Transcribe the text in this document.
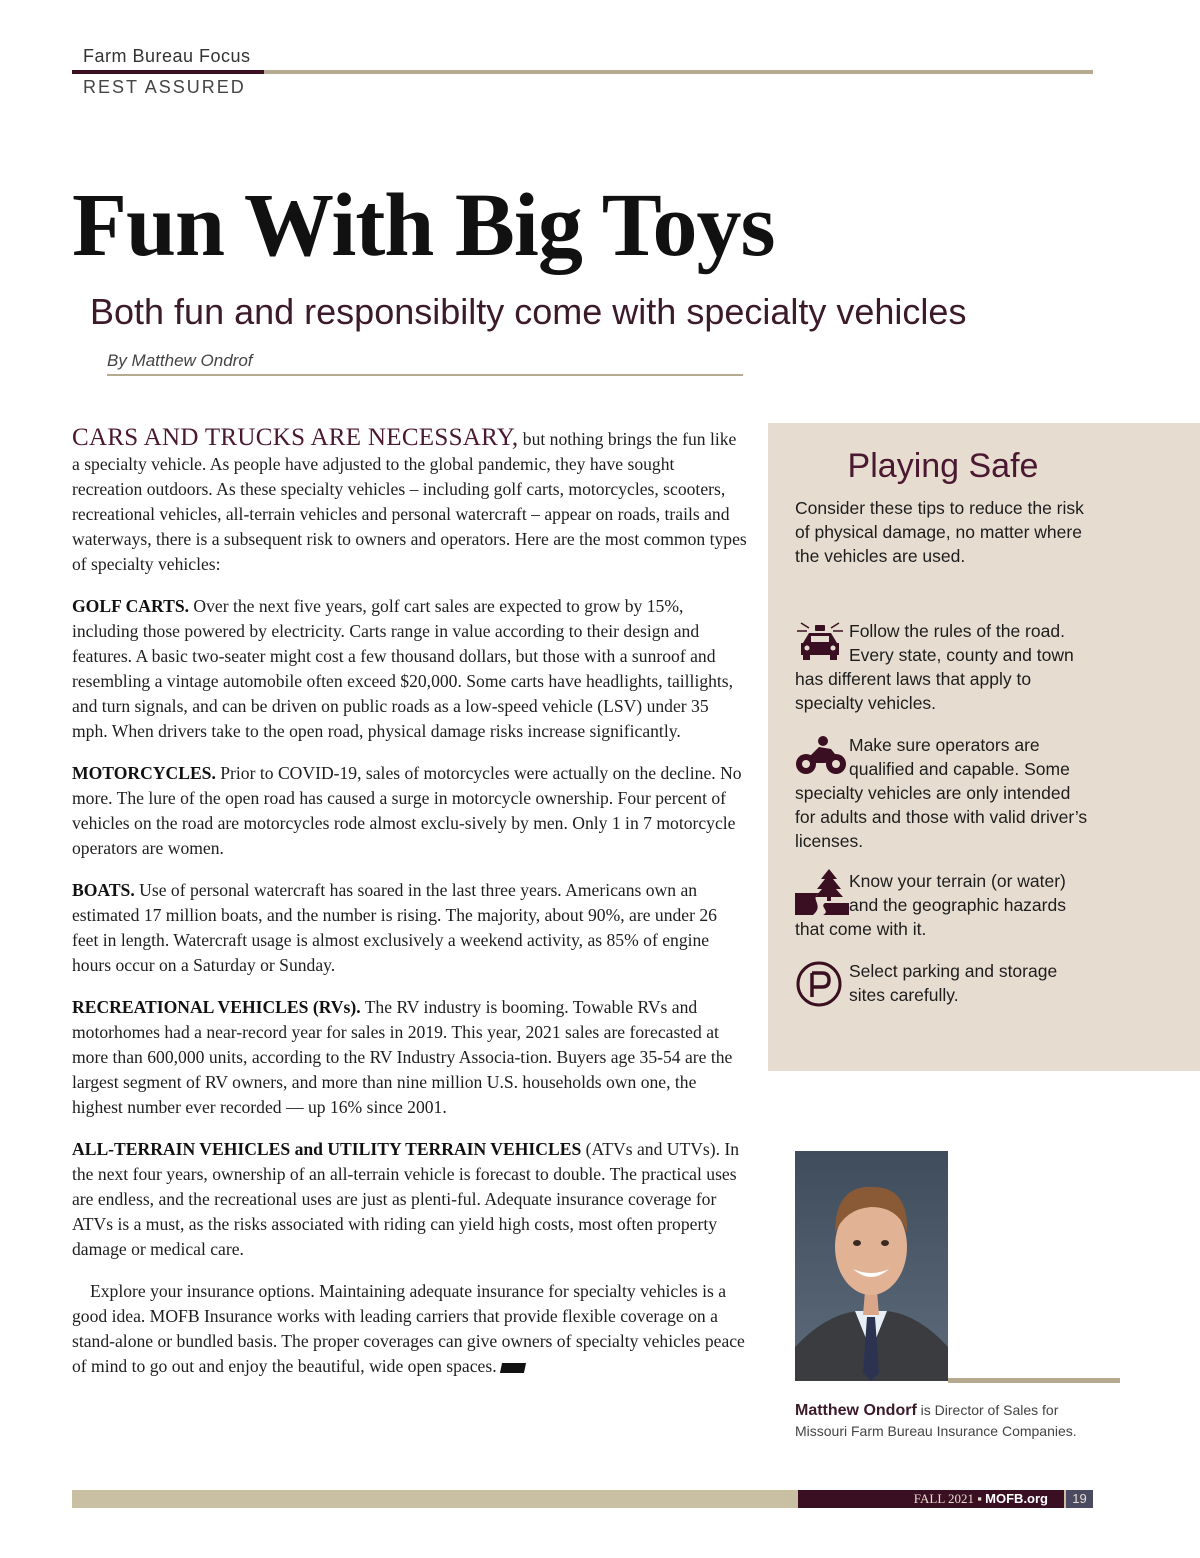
Farm Bureau Focus
REST ASSURED
Fun With Big Toys
Both fun and responsibilty come with specialty vehicles
By Matthew Ondrof

CARS AND TRUCKS ARE NECESSARY, but nothing brings the fun like a specialty vehicle. As people have adjusted to the global pandemic, they have sought recreation outdoors. As these specialty vehicles – including golf carts, motorcycles, scooters, recreational vehicles, all-terrain vehicles and personal watercraft – appear on roads, trails and waterways, there is a subsequent risk to owners and operators. Here are the most common types of specialty vehicles:

GOLF CARTS. Over the next five years, golf cart sales are expected to grow by 15%, including those powered by electricity. Carts range in value according to their design and features. A basic two-seater might cost a few thousand dollars, but those with a sunroof and resembling a vintage automobile often exceed $20,000. Some carts have headlights, taillights, and turn signals, and can be driven on public roads as a low-speed vehicle (LSV) under 35 mph. When drivers take to the open road, physical damage risks increase significantly.

MOTORCYCLES. Prior to COVID-19, sales of motorcycles were actually on the decline. No more. The lure of the open road has caused a surge in motorcycle ownership. Four percent of vehicles on the road are motorcycles rode almost exclu-sively by men. Only 1 in 7 motorcycle operators are women.

BOATS. Use of personal watercraft has soared in the last three years. Americans own an estimated 17 million boats, and the number is rising. The majority, about 90%, are under 26 feet in length. Watercraft usage is almost exclusively a weekend activity, as 85% of engine hours occur on a Saturday or Sunday.

RECREATIONAL VEHICLES (RVs). The RV industry is booming. Towable RVs and motorhomes had a near-record year for sales in 2019. This year, 2021 sales are forecasted at more than 600,000 units, according to the RV Industry Associa-tion. Buyers age 35-54 are the largest segment of RV owners, and more than nine million U.S. households own one, the highest number ever recorded — up 16% since 2001.

ALL-TERRAIN VEHICLES and UTILITY TERRAIN VEHICLES (ATVs and UTVs). In the next four years, ownership of an all-terrain vehicle is forecast to double. The practical uses are endless, and the recreational uses are just as plenti-ful. Adequate insurance coverage for ATVs is a must, as the risks associated with riding can yield high costs, most often property damage or medical care.

Explore your insurance options. Maintaining adequate insurance for specialty vehicles is a good idea. MOFB Insurance works with leading carriers that provide flexible coverage on a stand-alone or bundled basis. The proper coverages can give owners of specialty vehicles peace of mind to go out and enjoy the beautiful, wide open spaces.

Playing Safe
Consider these tips to reduce the risk of physical damage, no matter where the vehicles are used.
Follow the rules of the road. Every state, county and town has different laws that apply to specialty vehicles.
Make sure operators are qualified and capable. Some specialty vehicles are only intended for adults and those with valid driver’s licenses.
Know your terrain (or water) and the geographic hazards that come with it.
Select parking and storage sites carefully.
Matthew Ondorf is Director of Sales for Missouri Farm Bureau Insurance Companies.
FALL 2021 ▪ MOFB.org	19
